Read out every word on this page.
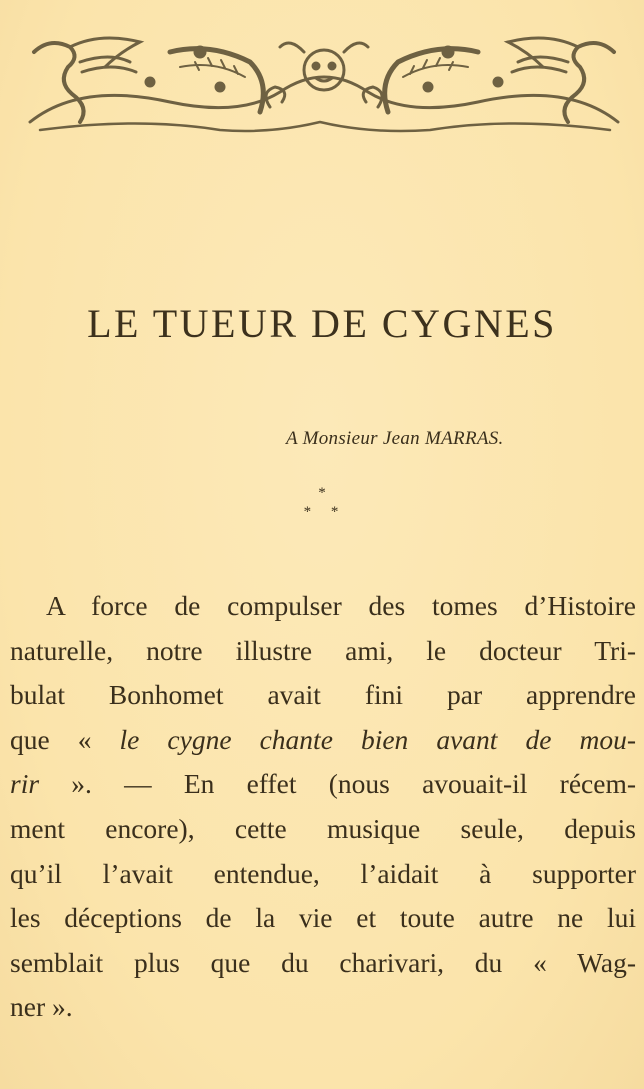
LE TUEUR DE CYGNES
A Monsieur Jean MARRAS.
*
* *
A force de compulser des tomes d’Histoire
naturelle, notre illustre ami, le docteur Tri-
bulat Bonhomet avait fini par apprendre
que « le cygne chante bien avant de mou-
rir ». — En effet (nous avouait-il récem-
ment encore), cette musique seule, depuis
qu’il l’avait entendue, l’aidait à supporter
les déceptions de la vie et toute autre ne lui
semblait plus que du charivari, du « Wag-
ner ».
